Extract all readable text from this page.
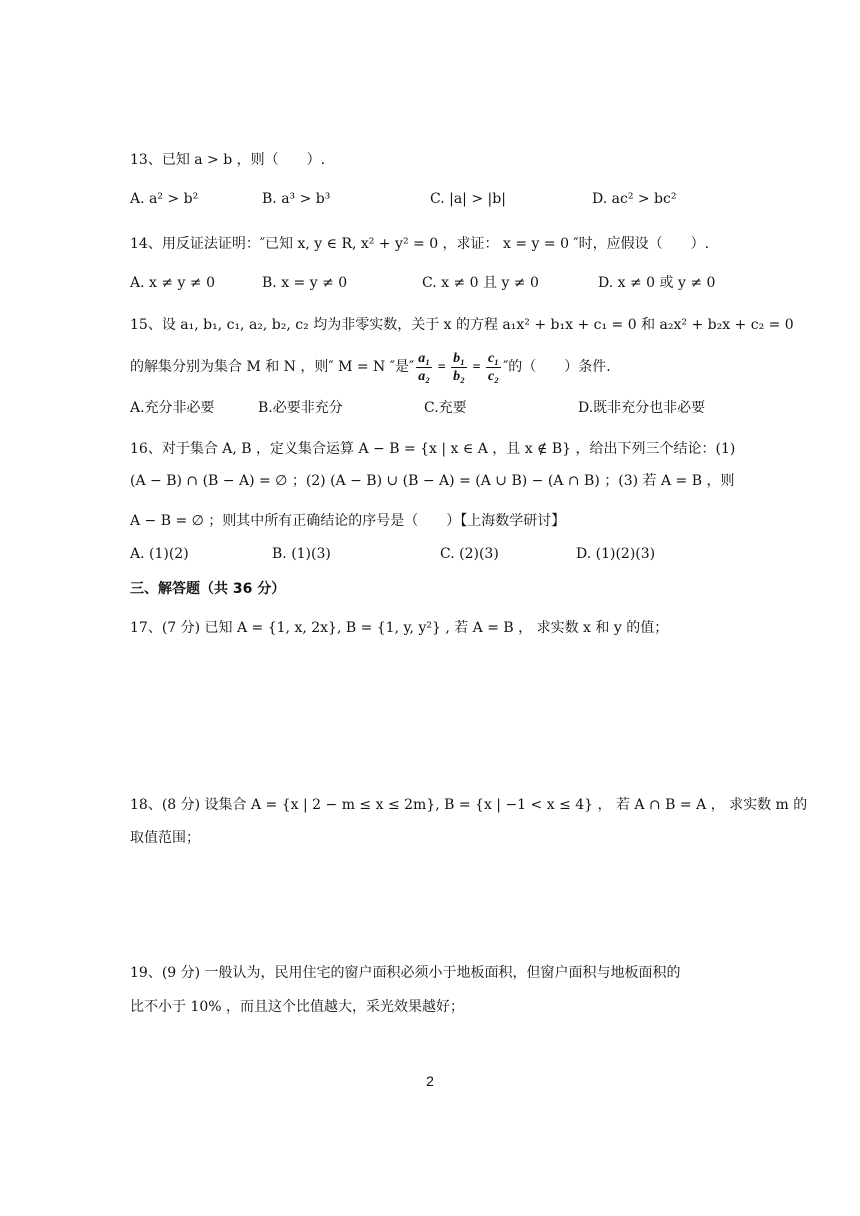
13、已知 a > b ，则（　　）.
A. a² > b²	B. a³ > b³	C. |a| > |b|	D. ac² > bc²
14、用反证法证明：″已知 x, y ∈ R, x² + y² = 0 ，求证： x = y = 0 ″时，应假设（　　）.
A. x ≠ y ≠ 0	B. x = y ≠ 0	C. x ≠ 0 且 y ≠ 0	D. x ≠ 0 或 y ≠ 0
15、设 a₁, b₁, c₁, a₂, b₂, c₂ 均为非零实数，关于 x 的方程 a₁x² + b₁x + c₁ = 0 和 a₂x² + b₂x + c₂ = 0
的解集分别为集合 M 和 N ，则″ M = N ″是″ $\frac{\text{a₁}}{\text{a₂}} = \frac{\text{b₁}}{\text{b₂}} = \frac{\text{c₁}}{\text{c₂}}$ ″的（　　）条件.
A.充分非必要	B.必要非充分	C.充要	D.既非充分也非必要
16、对于集合 A, B ，定义集合运算 A − B = {x | x ∈ A ，且 x ∉ B} ，给出下列三个结论：(1)
(A − B) ∩ (B − A) = ∅ ；(2) (A − B) ∪ (B − A) = (A ∪ B) − (A ∩ B) ；(3) 若 A = B ，则
A − B = ∅ ；则其中所有正确结论的序号是（　　）【上海数学研讨】
A. (1)(2)	B. (1)(3)	C. (2)(3)	D. (1)(2)(3)
三、解答题（共 36 分）
17、(7 分) 已知 A = {1, x, 2x}, B = {1, y, y²} , 若 A = B ， 求实数 x 和 y 的值；
18、(8 分) 设集合 A = {x | 2 − m ≤ x ≤ 2m}, B = {x | −1 < x ≤ 4} ， 若 A ∩ B = A ， 求实数 m 的
取值范围；
19、(9 分) 一般认为，民用住宅的窗户面积必须小于地板面积，但窗户面积与地板面积的
比不小于 10% ，而且这个比值越大，采光效果越好；
2
